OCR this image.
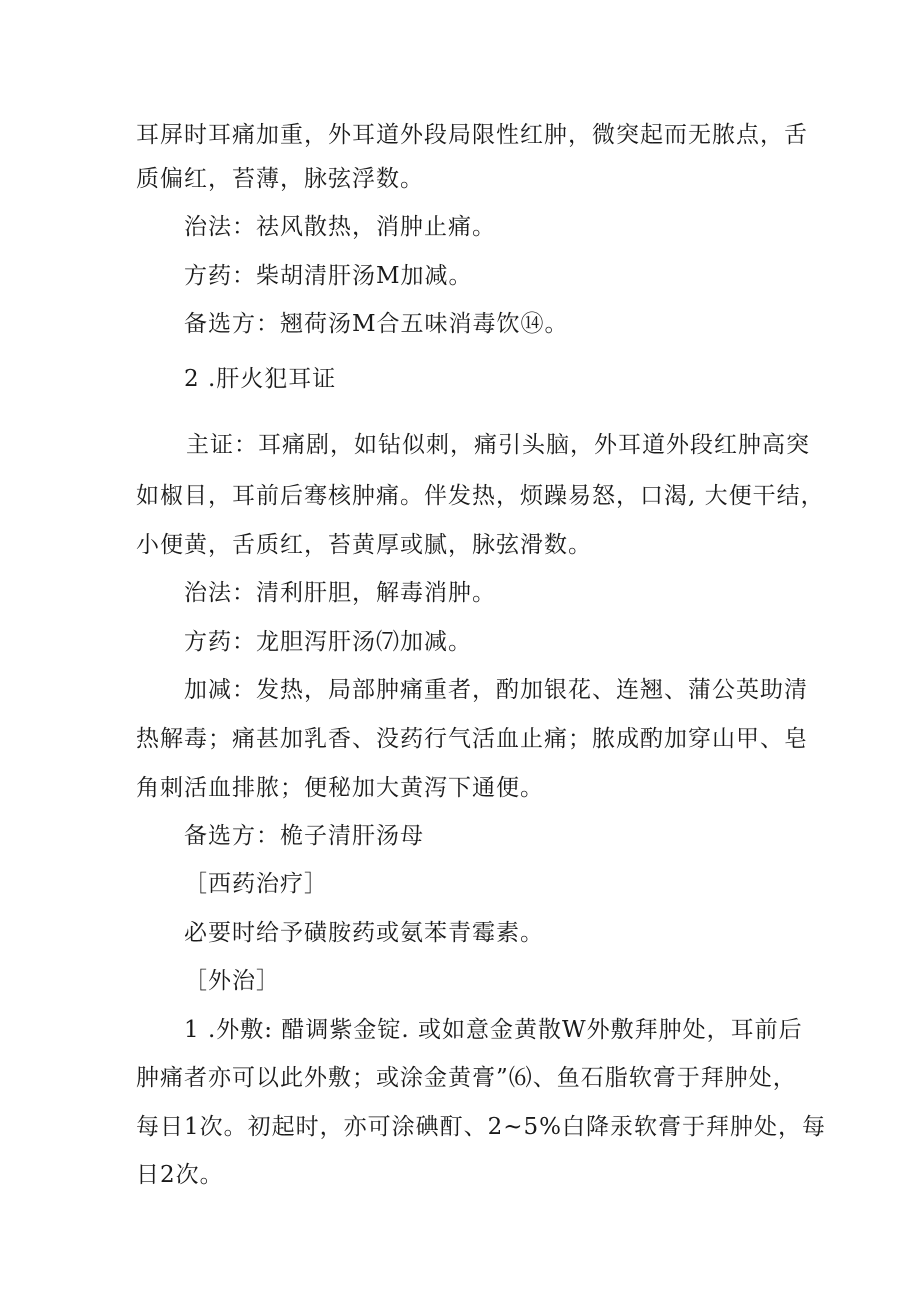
耳屏时耳痛加重，外耳道外段局限性红肿，微突起而无脓点，舌
质偏红，苔薄，脉弦浮数。
治法：祛风散热，消肿止痛。
方药：柴胡清肝汤M加减。
备选方：翘荷汤M合五味消毒饮⑭。
2 .肝火犯耳证
主证：耳痛剧，如钻似刺，痛引头脑，外耳道外段红肿高突
如椒目，耳前后骞核肿痛。伴发热，烦躁易怒，口渴, 大便干结，
小便黄，舌质红，苔黄厚或腻，脉弦滑数。
治法：清利肝胆，解毒消肿。
方药：龙胆泻肝汤⑺加减。
加减：发热，局部肿痛重者，酌加银花、连翘、蒲公英助清
热解毒；痛甚加乳香、没药行气活血止痛；脓成酌加穿山甲、皂
角刺活血排脓；便秘加大黄泻下通便。
备选方：桅子清肝汤母
［西药治疗］
必要时给予磺胺药或氨苯青霉素。
［外治］
1 .外敷: 醋调紫金锭. 或如意金黄散W外敷拜肿处，耳前后
肿痛者亦可以此外敷；或涂金黄膏”⑹、鱼石脂软膏于拜肿处，
每日1次。初起时，亦可涂碘酊、2~5%白降汞软膏于拜肿处，每
日2次。
